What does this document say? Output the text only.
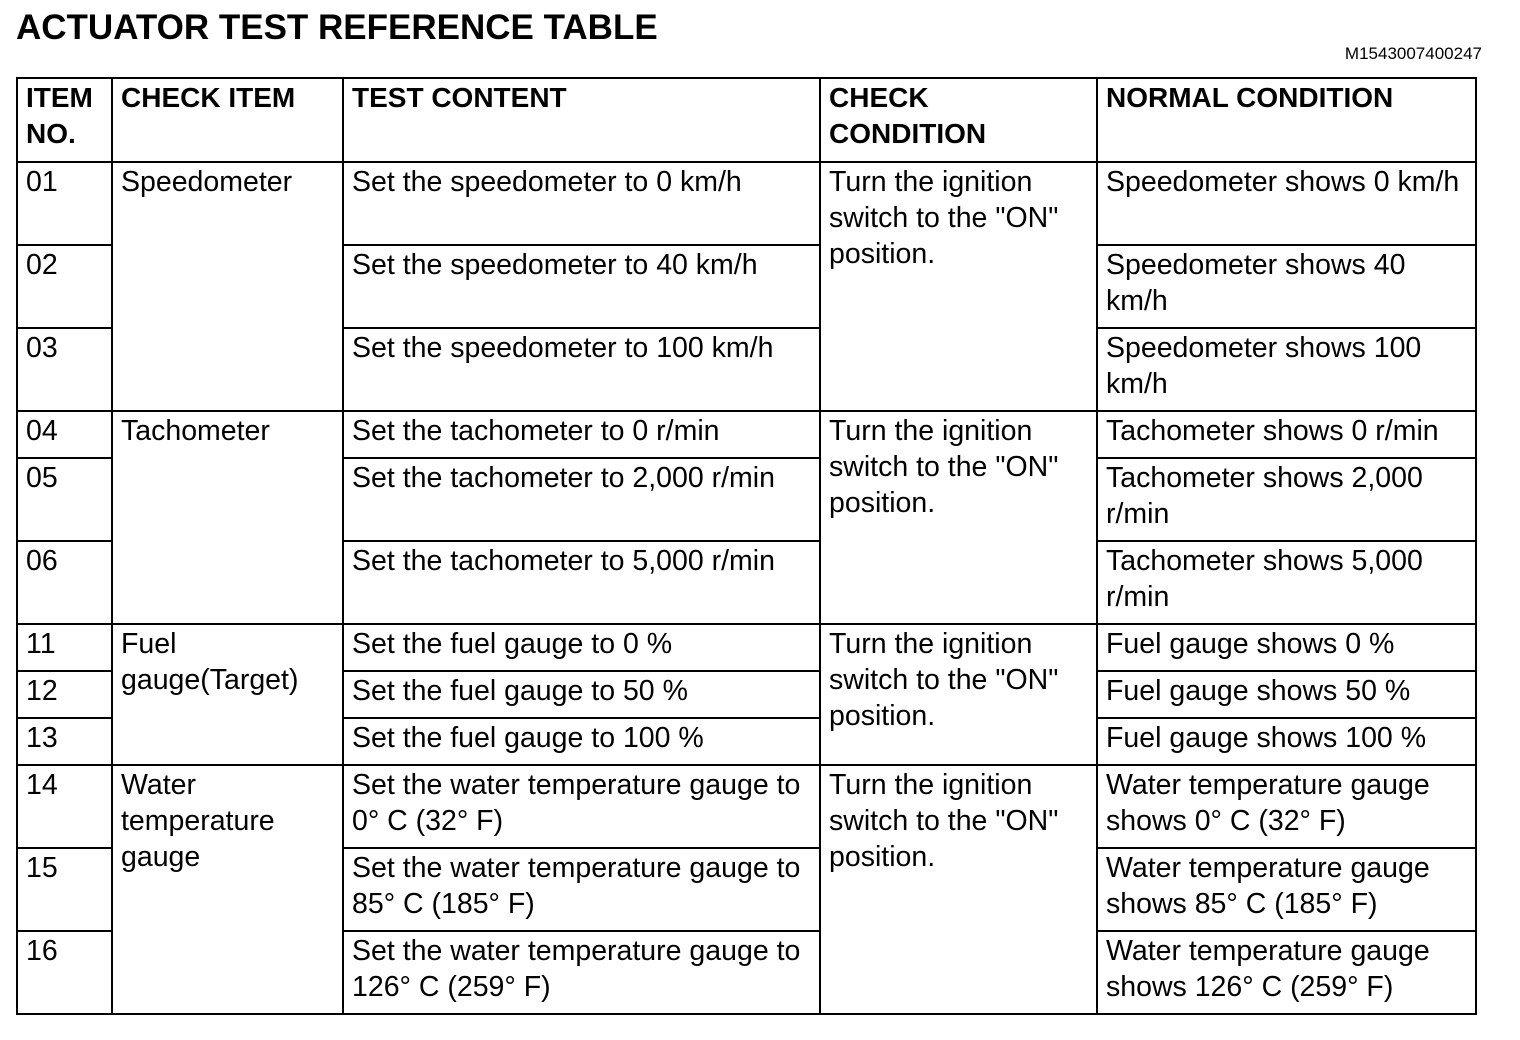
ACTUATOR TEST REFERENCE TABLE
M1543007400247
ITEM NO.	CHECK ITEM	TEST CONTENT	CHECK CONDITION	NORMAL CONDITION
01	Speedometer	Set the speedometer to 0 km/h	Turn the ignition switch to the "ON" position.	Speedometer shows 0 km/h
02		Set the speedometer to 40 km/h		Speedometer shows 40 km/h
03		Set the speedometer to 100 km/h		Speedometer shows 100 km/h
04	Tachometer	Set the tachometer to 0 r/min	Turn the ignition switch to the "ON" position.	Tachometer shows 0 r/min
05		Set the tachometer to 2,000 r/min		Tachometer shows 2,000 r/min
06		Set the tachometer to 5,000 r/min		Tachometer shows 5,000 r/min
11	Fuel gauge(Target)	Set the fuel gauge to 0 %	Turn the ignition switch to the "ON" position.	Fuel gauge shows 0 %
12		Set the fuel gauge to 50 %		Fuel gauge shows 50 %
13		Set the fuel gauge to 100 %		Fuel gauge shows 100 %
14	Water temperature gauge	Set the water temperature gauge to 0° C (32° F)	Turn the ignition switch to the "ON" position.	Water temperature gauge shows 0° C (32° F)
15		Set the water temperature gauge to 85° C (185° F)		Water temperature gauge shows 85° C (185° F)
16		Set the water temperature gauge to 126° C (259° F)		Water temperature gauge shows 126° C (259° F)
